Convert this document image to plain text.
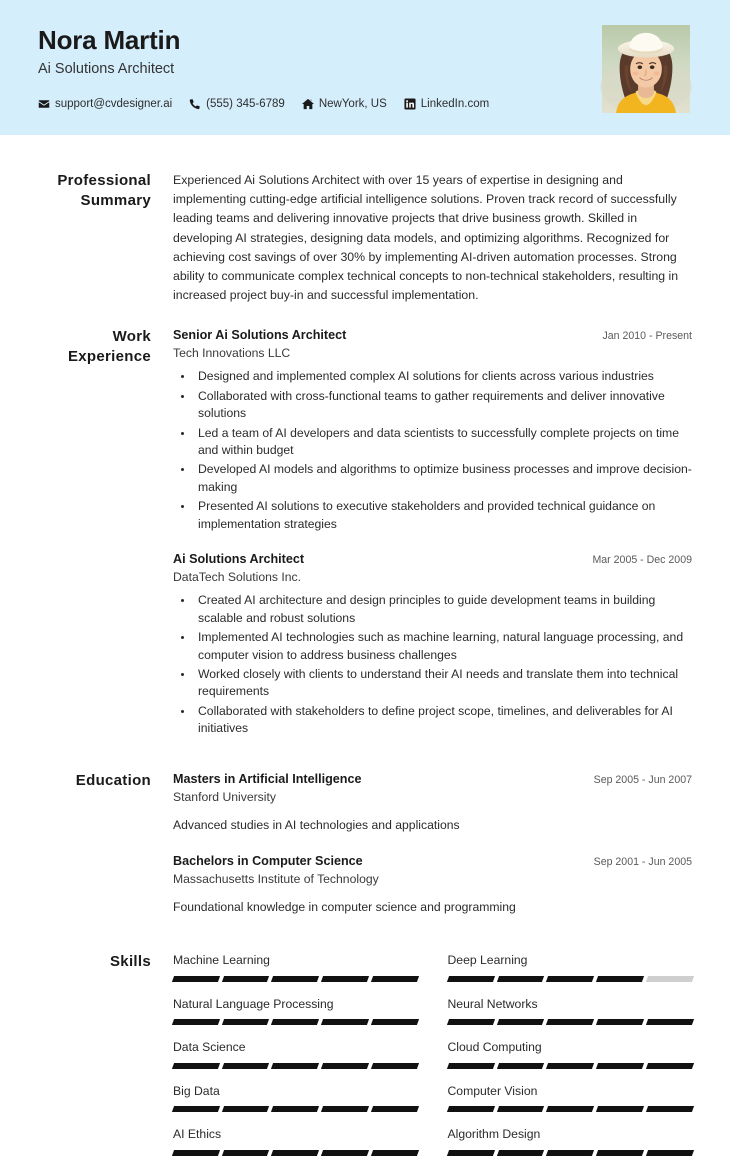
Nora Martin
Ai Solutions Architect
support@cvdesigner.ai	(555) 345-6789	NewYork, US	LinkedIn.com
Professional Summary
Experienced Ai Solutions Architect with over 15 years of expertise in designing and implementing cutting-edge artificial intelligence solutions. Proven track record of successfully leading teams and delivering innovative projects that drive business growth. Skilled in developing AI strategies, designing data models, and optimizing algorithms. Recognized for achieving cost savings of over 30% by implementing AI-driven automation processes. Strong ability to communicate complex technical concepts to non-technical stakeholders, resulting in increased project buy-in and successful implementation.
Work Experience
Senior Ai Solutions Architect	Jan 2010 - Present
Tech Innovations LLC
• Designed and implemented complex AI solutions for clients across various industries
• Collaborated with cross-functional teams to gather requirements and deliver innovative solutions
• Led a team of AI developers and data scientists to successfully complete projects on time and within budget
• Developed AI models and algorithms to optimize business processes and improve decision-making
• Presented AI solutions to executive stakeholders and provided technical guidance on implementation strategies
Ai Solutions Architect	Mar 2005 - Dec 2009
DataTech Solutions Inc.
• Created AI architecture and design principles to guide development teams in building scalable and robust solutions
• Implemented AI technologies such as machine learning, natural language processing, and computer vision to address business challenges
• Worked closely with clients to understand their AI needs and translate them into technical requirements
• Collaborated with stakeholders to define project scope, timelines, and deliverables for AI initiatives
Education	Masters in Artificial Intelligence	Sep 2005 - Jun 2007
Stanford University
Advanced studies in AI technologies and applications
Bachelors in Computer Science	Sep 2001 - Jun 2005
Massachusetts Institute of Technology
Foundational knowledge in computer science and programming
Skills	Machine Learning	Deep Learning
Natural Language Processing	Neural Networks
Data Science	Cloud Computing
Big Data	Computer Vision
AI Ethics	Algorithm Design
